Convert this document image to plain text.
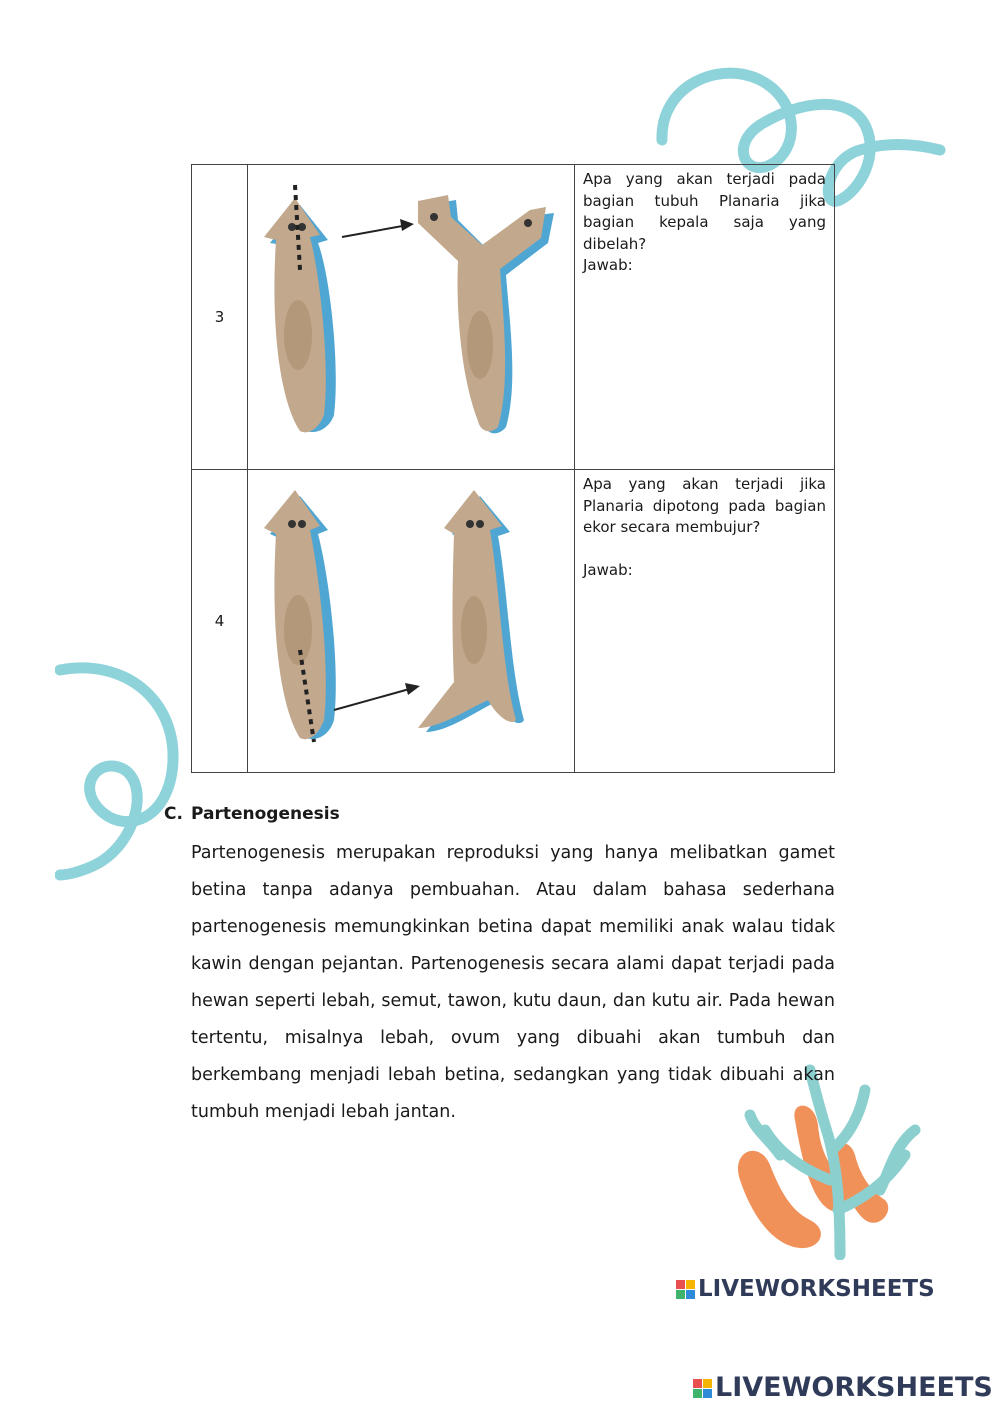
3		Apa yang akan terjadi pada bagian tubuh Planaria jika bagian kepala saja yang dibelah?

Jawab:

4		Apa yang akan terjadi jika Planaria dipotong pada bagian ekor secara membujur?

Jawab:

C. Partenogenesis

Partenogenesis merupakan reproduksi yang hanya melibatkan gamet betina tanpa adanya pembuahan. Atau dalam bahasa sederhana partenogenesis memungkinkan betina dapat memiliki anak walau tidak kawin dengan pejantan. Partenogenesis secara alami dapat terjadi pada hewan seperti lebah, semut, tawon, kutu daun, dan kutu air. Pada hewan tertentu, misalnya lebah, ovum yang dibuahi akan tumbuh dan berkembang menjadi lebah betina, sedangkan yang tidak dibuahi akan tumbuh menjadi lebah jantan.

LIVEWORKSHEETS
LIVEWORKSHEETS
